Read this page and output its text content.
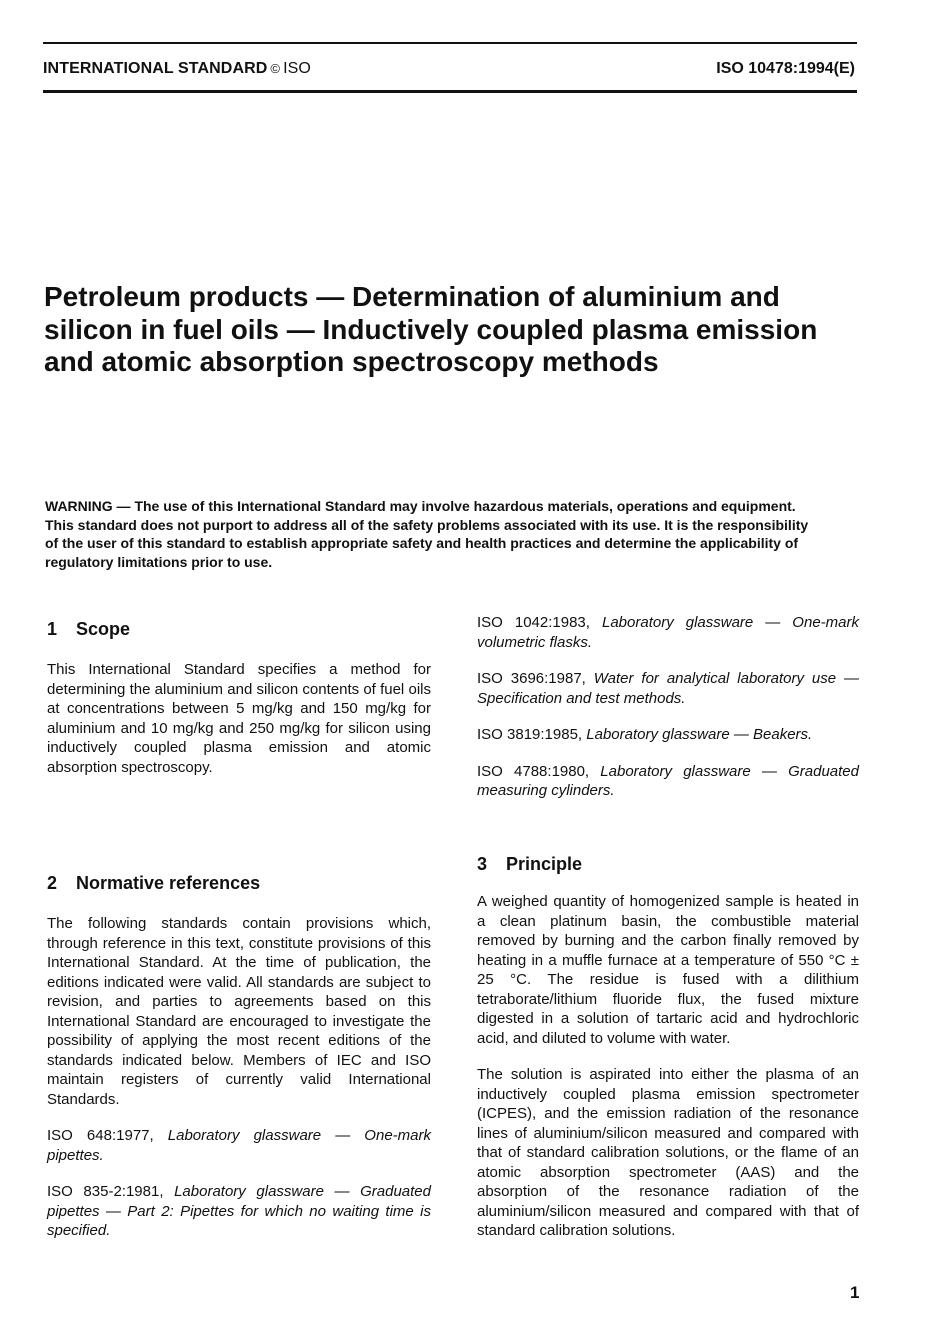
INTERNATIONAL STANDARD © ISO	ISO 10478:1994(E)
Petroleum products — Determination of aluminium and silicon in fuel oils — Inductively coupled plasma emission and atomic absorption spectroscopy methods

WARNING — The use of this International Standard may involve hazardous materials, operations and equipment. This standard does not purport to address all of the safety problems associated with its use. It is the responsibility of the user of this standard to establish appropriate safety and health practices and determine the applicability of regulatory limitations prior to use.

1 Scope

This International Standard specifies a method for determining the aluminium and silicon contents of fuel oils at concentrations between 5 mg/kg and 150 mg/kg for aluminium and 10 mg/kg and 250 mg/kg for silicon using inductively coupled plasma emission and atomic absorption spectroscopy.

2 Normative references

The following standards contain provisions which, through reference in this text, constitute provisions of this International Standard. At the time of publication, the editions indicated were valid. All standards are subject to revision, and parties to agreements based on this International Standard are encouraged to investigate the possibility of applying the most recent editions of the standards indicated below. Members of IEC and ISO maintain registers of currently valid International Standards.

ISO 648:1977, Laboratory glassware — One-mark pipettes.

ISO 835-2:1981, Laboratory glassware — Graduated pipettes — Part 2: Pipettes for which no waiting time is specified.

ISO 1042:1983, Laboratory glassware — One-mark volumetric flasks.

ISO 3696:1987, Water for analytical laboratory use — Specification and test methods.

ISO 3819:1985, Laboratory glassware — Beakers.

ISO 4788:1980, Laboratory glassware — Graduated measuring cylinders.

3 Principle

A weighed quantity of homogenized sample is heated in a clean platinum basin, the combustible material removed by burning and the carbon finally removed by heating in a muffle furnace at a temperature of 550 °C ± 25 °C. The residue is fused with a dilithium tetraborate/lithium fluoride flux, the fused mixture digested in a solution of tartaric acid and hydrochloric acid, and diluted to volume with water.

The solution is aspirated into either the plasma of an inductively coupled plasma emission spectrometer (ICPES), and the emission radiation of the resonance lines of aluminium/silicon measured and compared with that of standard calibration solutions, or the flame of an atomic absorption spectrometer (AAS) and the absorption of the resonance radiation of the aluminium/silicon measured and compared with that of standard calibration solutions.

1
